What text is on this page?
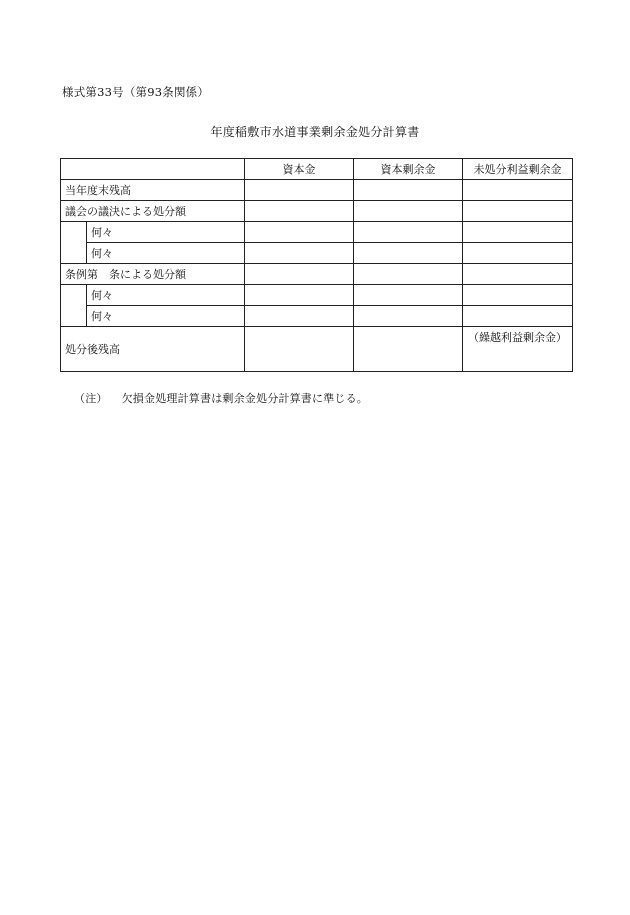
様式第33号（第93条関係）
年度稲敷市水道事業剰余金処分計算書
		資本金	資本剰余金	未処分利益剰余金
当年度末残高				
議会の議決による処分額				
	何々			
	何々			
条例第　条による処分額				
	何々			
	何々			
処分後残高				（繰越利益剰余金）
（注） 欠損金処理計算書は剰余金処分計算書に準じる。
